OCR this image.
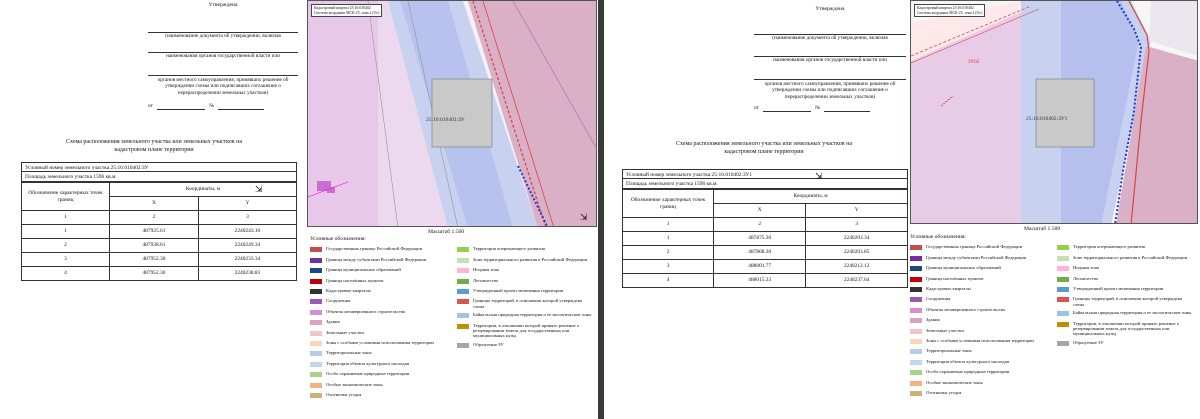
Утверждена
(наименование документа об утверждении, включая
наименования органов государственной власти или
органов местного самоуправления, принявших решение об утверждении схемы или подписавших соглашение о перераспределении земельных участков)
от	№
Схема расположения земельного участка или земельных участков на кадастровом плане территории
Условный номер земельного участка 25:16:010402:ЗУ
Площадь земельного участка 1596 кв.м.
Обозначение характерных точек границ	Координаты, м	
	X	Y
1	2	3
1	487925.61	2240243.10
2	487938.61	2240249.34
3	487952.30	2240233.34
4	487952.30	2240238.83
⇲
25:16:010402:ЗУ
Кадастровый квартал 25:16:010402
Система координат МСК-25, зона 2 (Ос)
⇲
Масштаб 1:500
Условные обозначения:
Государственная граница Российской Федерации
Граница между субъектами Российской Федерации
Граница муниципальных образований
Граница населённых пунктов
Кадастровые кварталы
Сооружения
Объекты незавершенного строительства
Здания
Земельные участки
Зоны с особыми условиями использования территории
Территориальные зоны
Территория объекта культурного наследия
Особо охраняемые природные территории
Особые экономические зоны
Охотничьи угодья
Территория опережающего развития
Зона территориального развития в Российской Федерации
Игорная зона
Лесничество
Утвержденный проект межевания территории
Границы территорий, в отношении которой утверждена схема
Байкальская природная территория и ее экологические зоны
Территории, в отношении которой принято решение о резервировании земель для государственных или муниципальных нужд
Образуемые ЗУ
Утверждена
(наименование документа об утверждении, включая
наименования органов государственной власти или
органов местного самоуправления, принявших решение об утверждении схемы или подписавших соглашение о перераспределении земельных участков)
от	№
Схема расположения земельного участка или земельных участков на кадастровом плане территории
Условный номер земельного участка 25:16:010402:ЗУ1
Площадь земельного участка 1596 кв.м.
Обозначение характерных точек границ	Координаты, м	
	X	Y
1	2	3
1	487875.30	2240203.34
2	487868.30	2240203.85
3	488001.77	2240212.12
4	488015.33	2240237.64
⇲
25:16:010402:ЗУ1
ЗУ02
Кадастровый квартал 25:16:010402
Система координат МСК-25, зона 2 (Ос)
Масштаб 1:500
Условные обозначения:
Государственная граница Российской Федерации
Граница между субъектами Российской Федерации
Граница муниципальных образований
Граница населённых пунктов
Кадастровые кварталы
Сооружения
Объекты незавершенного строительства
Здания
Земельные участки
Зоны с особыми условиями использования территории
Территориальные зоны
Территория объекта культурного наследия
Особо охраняемые природные территории
Особые экономические зоны
Охотничьи угодья
Территория опережающего развития
Зона территориального развития в Российской Федерации
Игорная зона
Лесничество
Утвержденный проект межевания территории
Границы территорий, в отношении которой утверждена схема
Байкальская природная территория и ее экологические зоны
Территории, в отношении которой принято решение о резервировании земель для государственных или муниципальных нужд
Образуемые ЗУ
